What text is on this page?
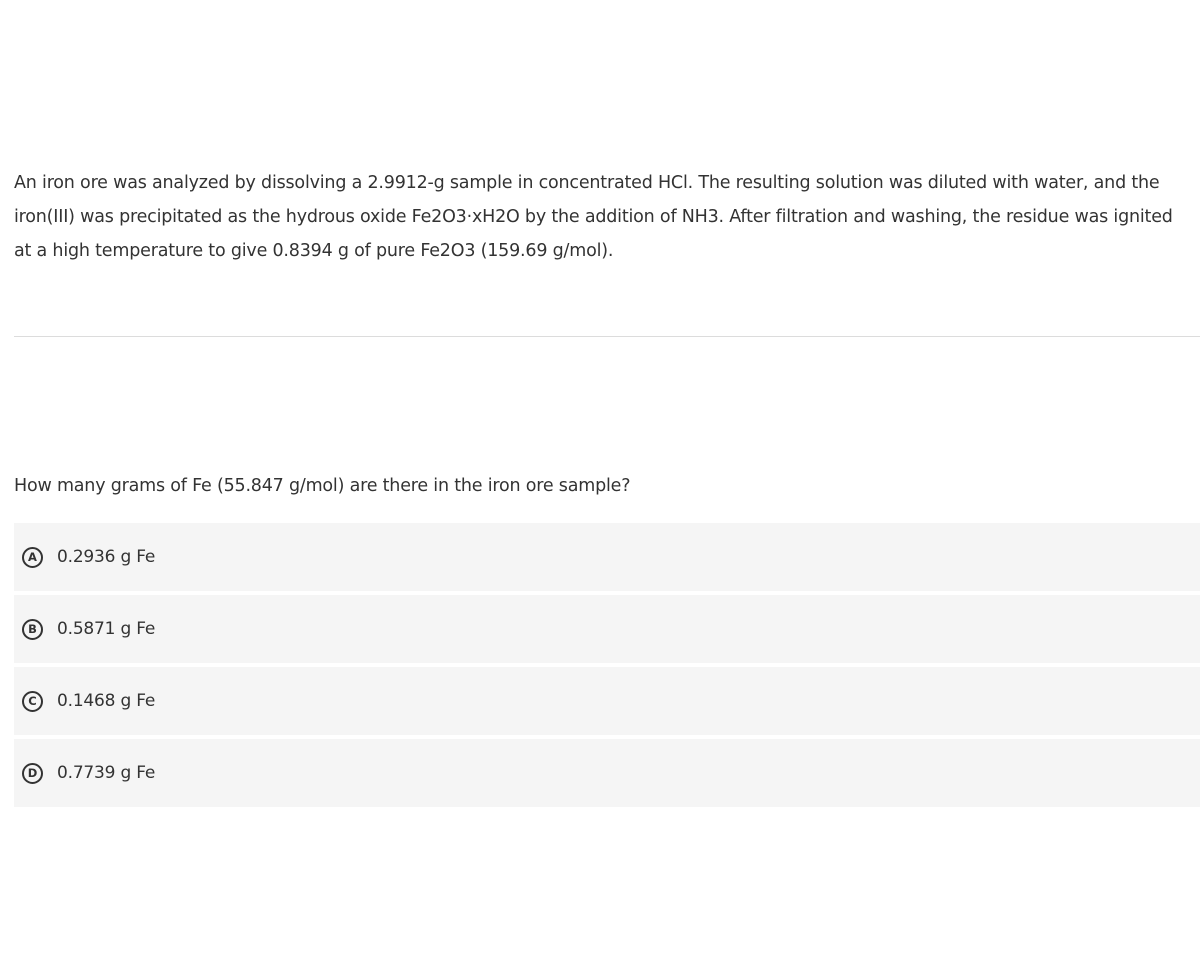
An iron ore was analyzed by dissolving a 2.9912-g sample in concentrated HCl. The resulting solution was diluted with water, and the iron(III) was precipitated as the hydrous oxide Fe2O3·xH2O by the addition of NH3. After filtration and washing, the residue was ignited at a high temperature to give 0.8394 g of pure Fe2O3 (159.69 g/mol).

How many grams of Fe (55.847 g/mol) are there in the iron ore sample?

A	0.2936 g Fe
B	0.5871 g Fe
C	0.1468 g Fe
D	0.7739 g Fe
